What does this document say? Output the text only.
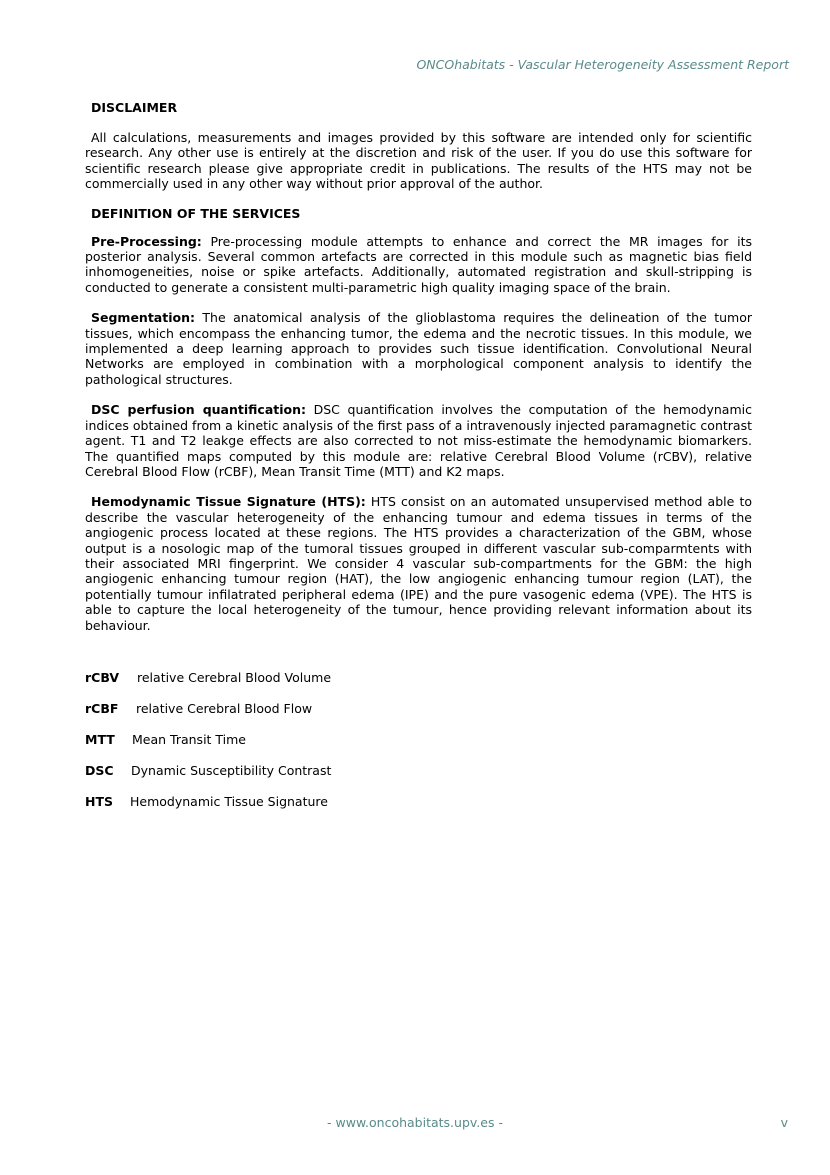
ONCOhabitats - Vascular Heterogeneity Assessment Report

DISCLAIMER

All calculations, measurements and images provided by this software are intended only for scientific research. Any other use is entirely at the discretion and risk of the user. If you do use this software for scientific research please give appropriate credit in publications. The results of the HTS may not be commercially used in any other way without prior approval of the author.

DEFINITION OF THE SERVICES

Pre-Processing: Pre-processing module attempts to enhance and correct the MR images for its posterior analysis. Several common artefacts are corrected in this module such as magnetic bias field inhomogeneities, noise or spike artefacts. Additionally, automated registration and skull-stripping is conducted to generate a consistent multi-parametric high quality imaging space of the brain.

Segmentation: The anatomical analysis of the glioblastoma requires the delineation of the tumor tissues, which encompass the enhancing tumor, the edema and the necrotic tissues. In this module, we implemented a deep learning approach to provides such tissue identification. Convolutional Neural Networks are employed in combination with a morphological component analysis to identify the pathological structures.

DSC perfusion quantification: DSC quantification involves the computation of the hemodynamic indices obtained from a kinetic analysis of the first pass of a intravenously injected paramagnetic contrast agent. T1 and T2 leakge effects are also corrected to not miss-estimate the hemodynamic biomarkers. The quantified maps computed by this module are: relative Cerebral Blood Volume (rCBV), relative Cerebral Blood Flow (rCBF), Mean Transit Time (MTT) and K2 maps.

Hemodynamic Tissue Signature (HTS): HTS consist on an automated unsupervised method able to describe the vascular heterogeneity of the enhancing tumour and edema tissues in terms of the angiogenic process located at these regions. The HTS provides a characterization of the GBM, whose output is a nosologic map of the tumoral tissues grouped in different vascular sub-comparmtents with their associated MRI fingerprint. We consider 4 vascular sub-compartments for the GBM: the high angiogenic enhancing tumour region (HAT), the low angiogenic enhancing tumour region (LAT), the potentially tumour infilatrated peripheral edema (IPE) and the pure vasogenic edema (VPE). The HTS is able to capture the local heterogeneity of the tumour, hence providing relevant information about its behaviour.

rCBV relative Cerebral Blood Volume
rCBF relative Cerebral Blood Flow
MTT Mean Transit Time
DSC Dynamic Susceptibility Contrast
HTS Hemodynamic Tissue Signature
- www.oncohabitats.upv.es -	v
